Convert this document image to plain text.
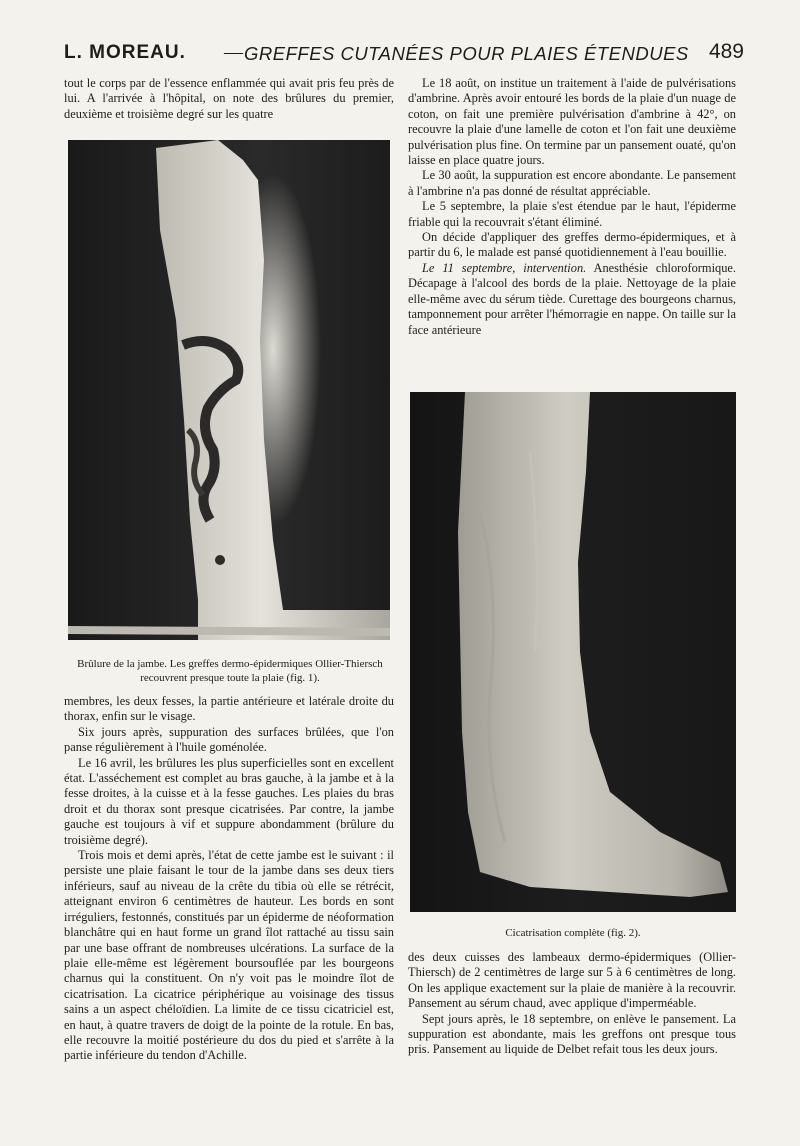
L. MOREAU. — GREFFES CUTANÉES POUR PLAIES ÉTENDUES 489

tout le corps par de l'essence enflammée qui avait pris feu près de lui. A l'arrivée à l'hôpital, on note des brûlures du premier, deuxième et troisième degré sur les quatre

Brûlure de la jambe. Les greffes dermo-épidermiques Ollier-Thiersch recouvrent presque toute la plaie (fig. 1).

membres, les deux fesses, la partie antérieure et latérale droite du thorax, enfin sur le visage.

Six jours après, suppuration des surfaces brûlées, que l'on panse régulièrement à l'huile goménolée.

Le 16 avril, les brûlures les plus superficielles sont en excellent état. L'asséchement est complet au bras gauche, à la jambe et à la fesse droites, à la cuisse et à la fesse gauches. Les plaies du bras droit et du thorax sont presque cicatrisées. Par contre, la jambe gauche est toujours à vif et suppure abondamment (brûlure du troisième degré).

Trois mois et demi après, l'état de cette jambe est le suivant : il persiste une plaie faisant le tour de la jambe dans ses deux tiers inférieurs, sauf au niveau de la crête du tibia où elle se rétrécit, atteignant environ 6 centimètres de hauteur. Les bords en sont irréguliers, festonnés, constitués par un épiderme de néoformation blanchâtre qui en haut forme un grand îlot rattaché au tissu sain par une base offrant de nombreuses ulcérations. La surface de la plaie elle-même est légèrement boursouflée par les bourgeons charnus qui la constituent. On n'y voit pas le moindre îlot de cicatrisation. La cicatrice périphérique au voisinage des tissus sains a un aspect chéloïdien. La limite de ce tissu cicatriciel est, en haut, à quatre travers de doigt de la pointe de la rotule. En bas, elle recouvre la moitié postérieure du dos du pied et s'arrête à la partie inférieure du tendon d'Achille.

Le 18 août, on institue un traitement à l'aide de pulvérisations d'ambrine. Après avoir entouré les bords de la plaie d'un nuage de coton, on fait une première pulvérisation d'ambrine à 42°, on recouvre la plaie d'une lamelle de coton et l'on fait une deuxième pulvérisation plus fine. On termine par un pansement ouaté, qu'on laisse en place quatre jours.

Le 30 août, la suppuration est encore abondante. Le pansement à l'ambrine n'a pas donné de résultat appréciable.

Le 5 septembre, la plaie s'est étendue par le haut, l'épiderme friable qui la recouvrait s'étant éliminé.

On décide d'appliquer des greffes dermo-épidermiques, et à partir du 6, le malade est pansé quotidiennement à l'eau bouillie.

Le 11 septembre, intervention. Anesthésie chloroformique. Décapage à l'alcool des bords de la plaie. Nettoyage de la plaie elle-même avec du sérum tiède. Curettage des bourgeons charnus, tamponnement pour arrêter l'hémorragie en nappe. On taille sur la face antérieure

Cicatrisation complète (fig. 2).

des deux cuisses des lambeaux dermo-épidermiques (Ollier-Thiersch) de 2 centimètres de large sur 5 à 6 centimètres de long. On les applique exactement sur la plaie de manière à la recouvrir. Pansement au sérum chaud, avec applique d'imperméable.

Sept jours après, le 18 septembre, on enlève le pansement. La suppuration est abondante, mais les greffons ont presque tous pris. Pansement au liquide de Delbet refait tous les deux jours.
